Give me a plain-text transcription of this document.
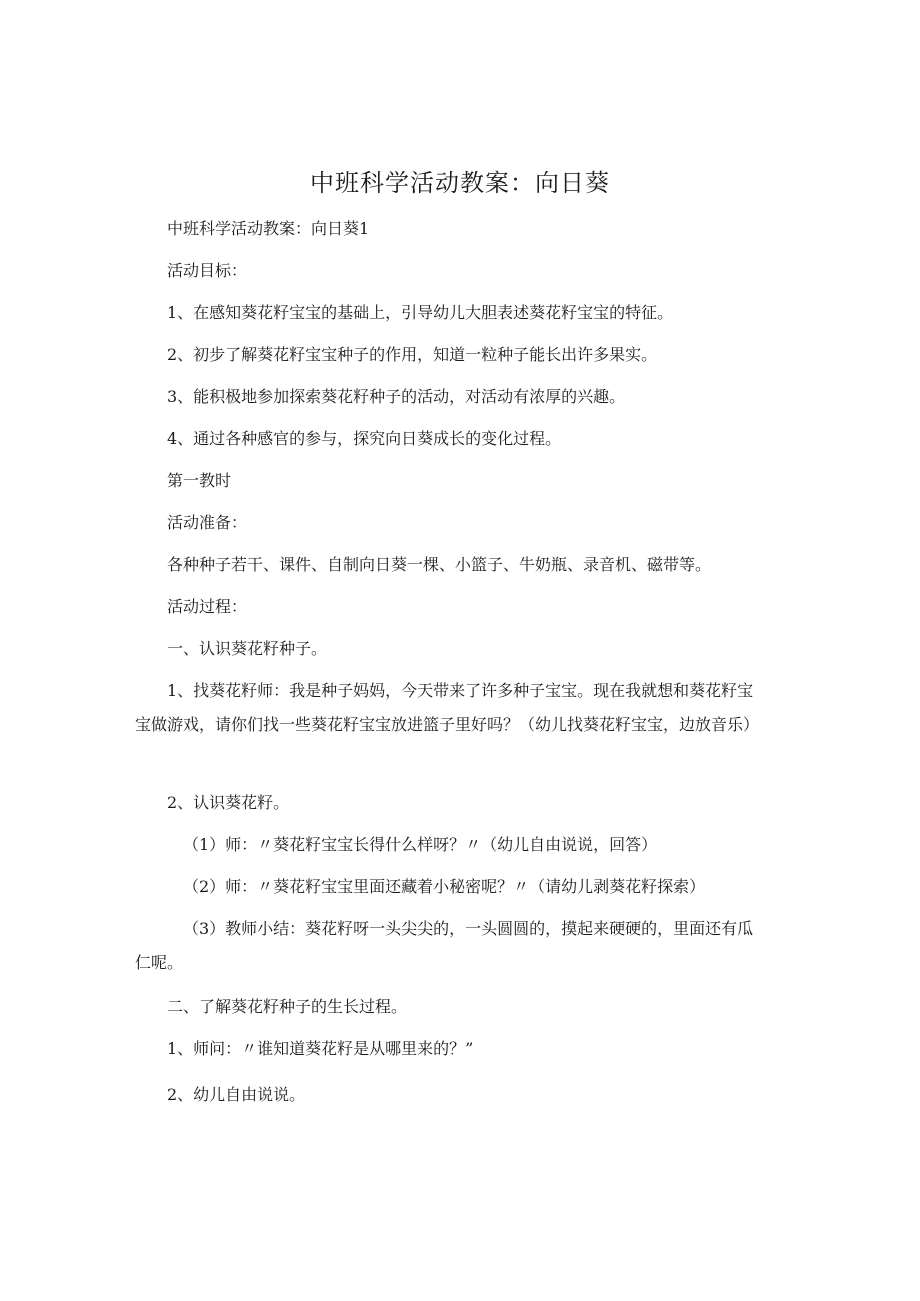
中班科学活动教案：向日葵

中班科学活动教案：向日葵1

活动目标：

1、在感知葵花籽宝宝的基础上，引导幼儿大胆表述葵花籽宝宝的特征。

2、初步了解葵花籽宝宝种子的作用，知道一粒种子能长出许多果实。

3、能积极地参加探索葵花籽种子的活动，对活动有浓厚的兴趣。

4、通过各种感官的参与，探究向日葵成长的变化过程。

第一教时

活动准备：

各种种子若干、课件、自制向日葵一棵、小篮子、牛奶瓶、录音机、磁带等。

活动过程：

一、认识葵花籽种子。

1、找葵花籽师：我是种子妈妈，今天带来了许多种子宝宝。现在我就想和葵花籽宝宝做游戏，请你们找一些葵花籽宝宝放进篮子里好吗？（幼儿找葵花籽宝宝，边放音乐）

2、认识葵花籽。

（1）师：〃葵花籽宝宝长得什么样呀？〃（幼儿自由说说，回答）

（2）师：〃葵花籽宝宝里面还藏着小秘密呢？〃（请幼儿剥葵花籽探索）

（3）教师小结：葵花籽呀一头尖尖的，一头圆圆的，摸起来硬硬的，里面还有瓜仁呢。

二、了解葵花籽种子的生长过程。

1、师问：〃谁知道葵花籽是从哪里来的？”

2、幼儿自由说说。
